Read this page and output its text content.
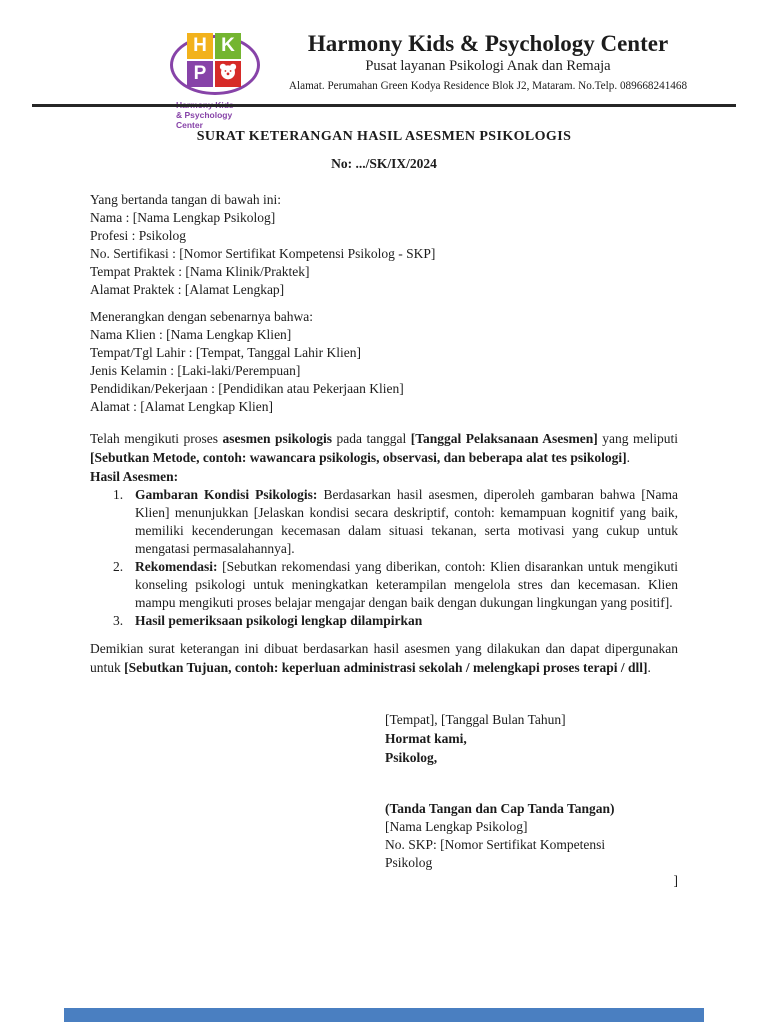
H K
P
& Psychology
Center
Harmony Kids & Psychology Center
Pusat layanan Psikologi Anak dan Remaja
Alamat. Perumahan Green Kodya Residence Blok J2, Mataram. No.Telp. 089668241468
SURAT KETERANGAN HASIL ASESMEN PSIKOLOGIS
No: .../SK/IX/2024
Yang bertanda tangan di bawah ini:
Nama : [Nama Lengkap Psikolog]
Profesi : Psikolog
No. Sertifikasi : [Nomor Sertifikat Kompetensi Psikolog - SKP]
Tempat Praktek : [Nama Klinik/Praktek]
Alamat Praktek : [Alamat Lengkap]
Menerangkan dengan sebenarnya bahwa:
Nama Klien : [Nama Lengkap Klien]
Tempat/Tgl Lahir : [Tempat, Tanggal Lahir Klien]
Jenis Kelamin : [Laki-laki/Perempuan]
Pendidikan/Pekerjaan : [Pendidikan atau Pekerjaan Klien]
Alamat : [Alamat Lengkap Klien]
Telah mengikuti proses asesmen psikologis pada tanggal [Tanggal Pelaksanaan Asesmen] yang meliputi [Sebutkan Metode, contoh: wawancara psikologis, observasi, dan beberapa alat tes psikologi].
Hasil Asesmen:
1. Gambaran Kondisi Psikologis: Berdasarkan hasil asesmen, diperoleh gambaran bahwa [Nama Klien] menunjukkan [Jelaskan kondisi secara deskriptif, contoh: kemampuan kognitif yang baik, memiliki kecenderungan kecemasan dalam situasi tekanan, serta motivasi yang cukup untuk mengatasi permasalahannya].
2. Rekomendasi: [Sebutkan rekomendasi yang diberikan, contoh: Klien disarankan untuk mengikuti konseling psikologi untuk meningkatkan keterampilan mengelola stres dan kecemasan. Klien mampu mengikuti proses belajar mengajar dengan baik dengan dukungan lingkungan yang positif].
3. Hasil pemeriksaan psikologi lengkap dilampirkan
Demikian surat keterangan ini dibuat berdasarkan hasil asesmen yang dilakukan dan dapat dipergunakan untuk [Sebutkan Tujuan, contoh: keperluan administrasi sekolah / melengkapi proses terapi / dll].
[Tempat], [Tanggal Bulan Tahun]
Hormat kami,
Psikolog,
(Tanda Tangan dan Cap Tanda Tangan)
[Nama Lengkap Psikolog]
No. SKP: [Nomor Sertifikat Kompetensi
Psikolog
]
